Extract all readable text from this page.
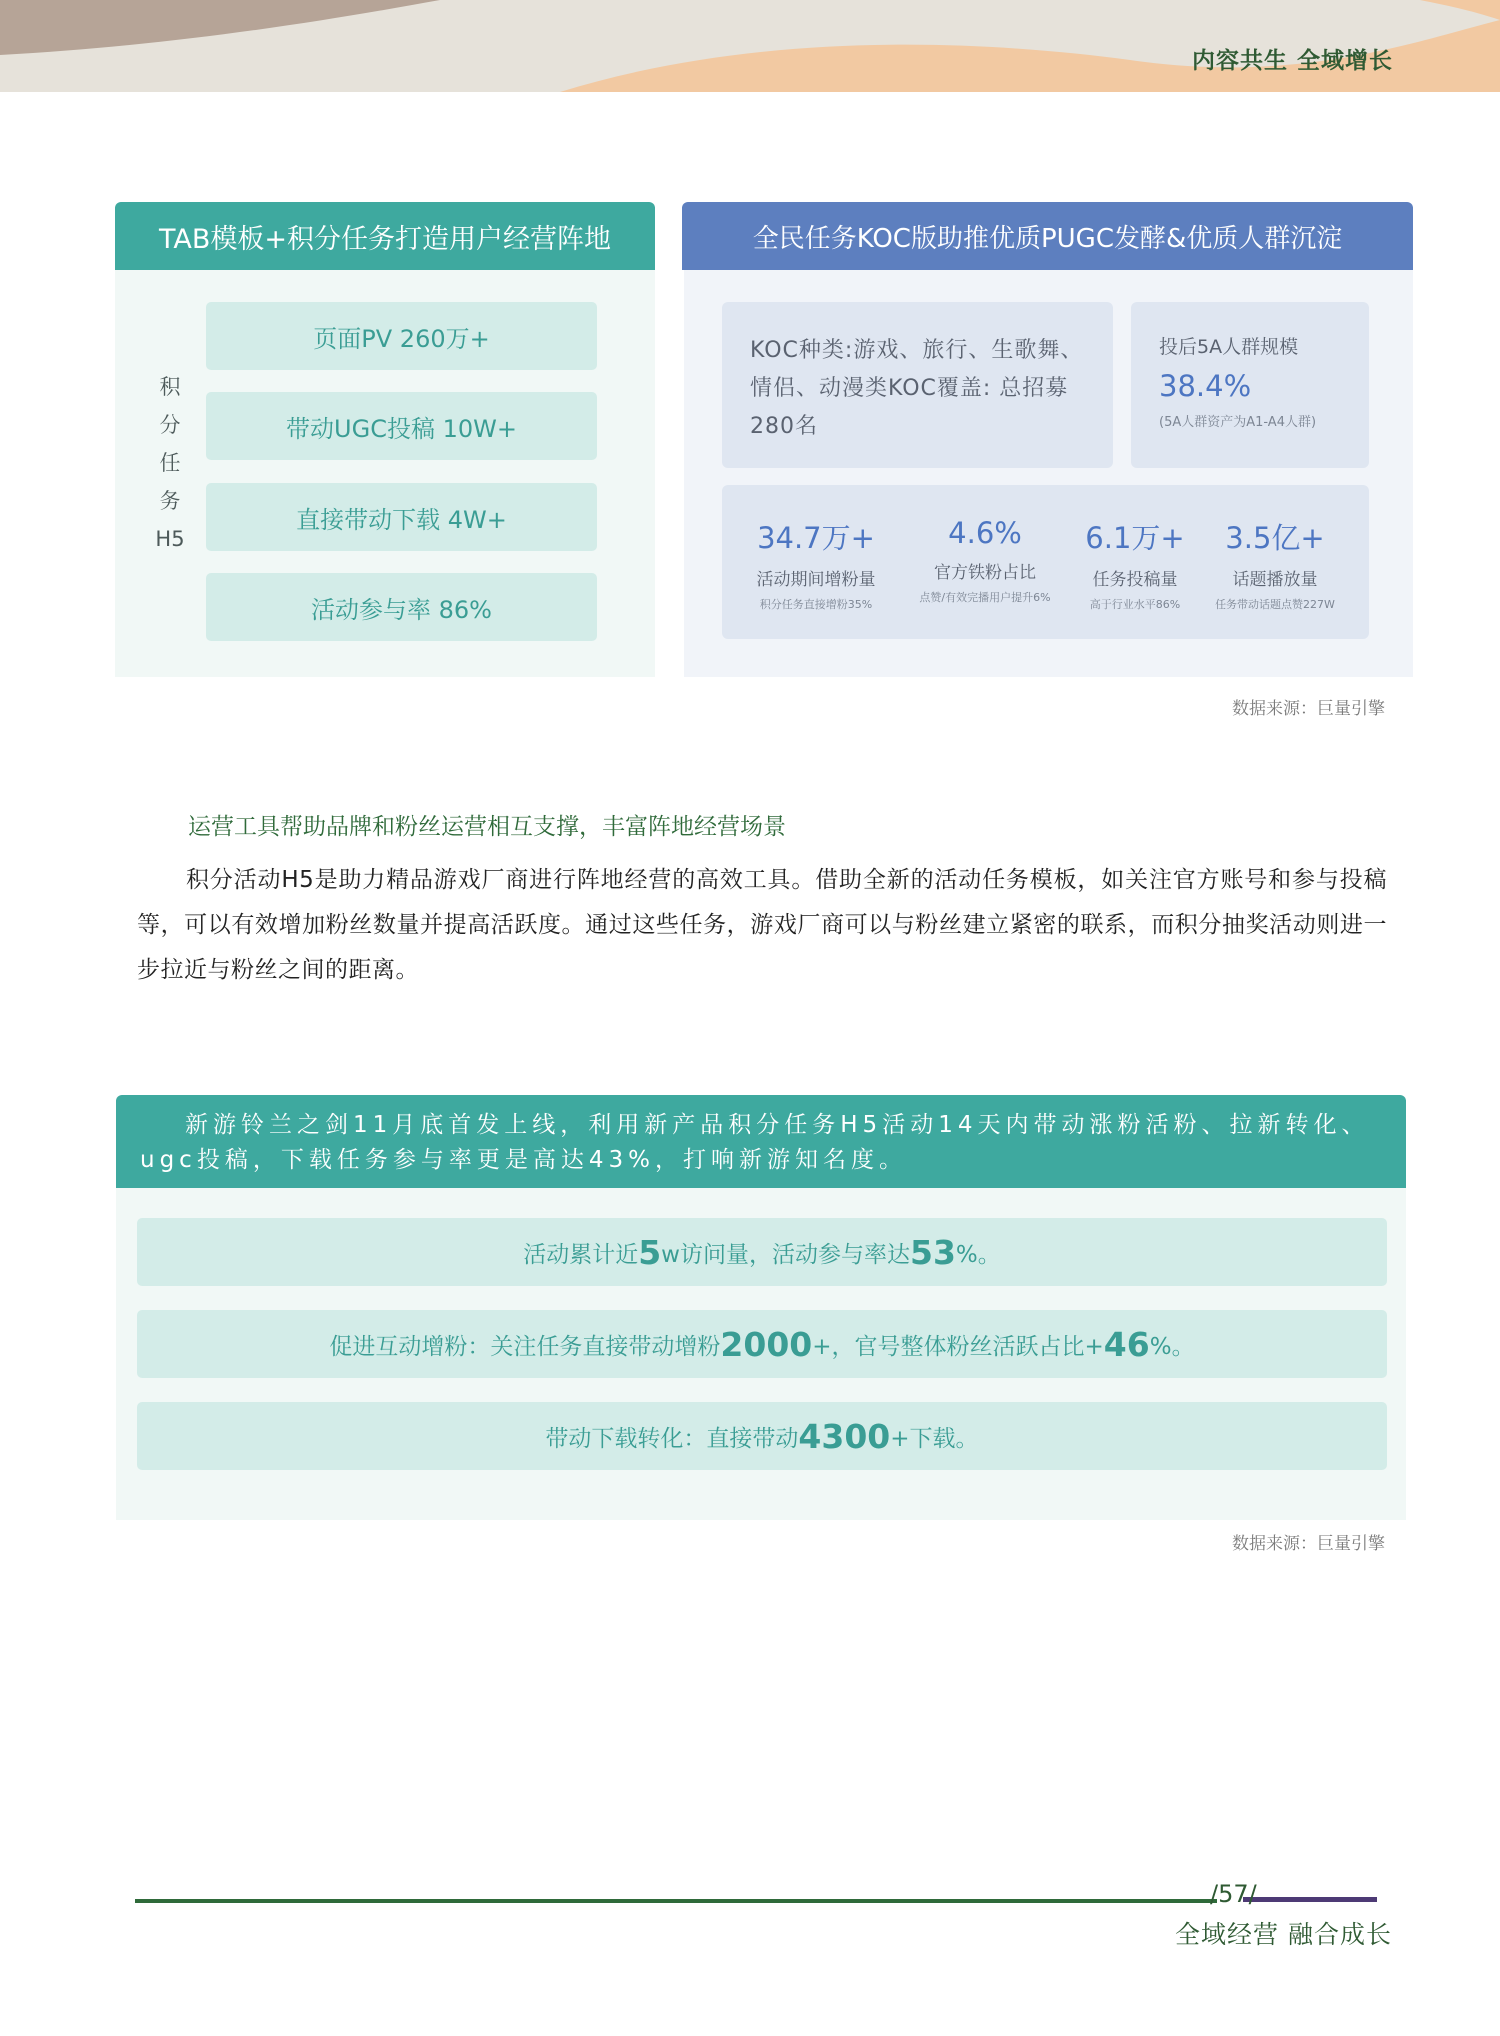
内容共生 全域增长
TAB模板+积分任务打造用户经营阵地
积
分
任
务
H5
页面PV 260万+
带动UGC投稿 10W+
直接带动下载 4W+
活动参与率 86%
全民任务KOC版助推优质PUGC发酵&优质人群沉淀
KOC种类:游戏、旅行、生歌舞、情侣、动漫类KOC覆盖: 总招募280名
投后5A人群规模
38.4%
(5A人群资产为A1-A4人群)
34.7万+
活动期间增粉量
积分任务直接增粉35%
4.6%
官方铁粉占比
点赞/有效完播用户提升6%
6.1万+
任务投稿量
高于行业水平86%
3.5亿+
话题播放量
任务带动话题点赞227W
数据来源：巨量引擎
运营工具帮助品牌和粉丝运营相互支撑，丰富阵地经营场景
积分活动H5是助力精品游戏厂商进行阵地经营的高效工具。借助全新的活动任务模板，如关注官方账号和参与投稿等，可以有效增加粉丝数量并提高活跃度。通过这些任务，游戏厂商可以与粉丝建立紧密的联系，而积分抽奖活动则进一步拉近与粉丝之间的距离。
新游铃兰之剑11月底首发上线，利用新产品积分任务H5活动14天内带动涨粉活粉、拉新转化、ugc投稿，下载任务参与率更是高达43%，打响新游知名度。
活动累计近 5 w访问量，活动参与率达 53 %。
促进互动增粉：关注任务直接带动增粉 2000 +，官号整体粉丝活跃占比+ 46 %。
带动下载转化：直接带动 4300 +下载。
数据来源：巨量引擎
/57/
全域经营 融合成长
